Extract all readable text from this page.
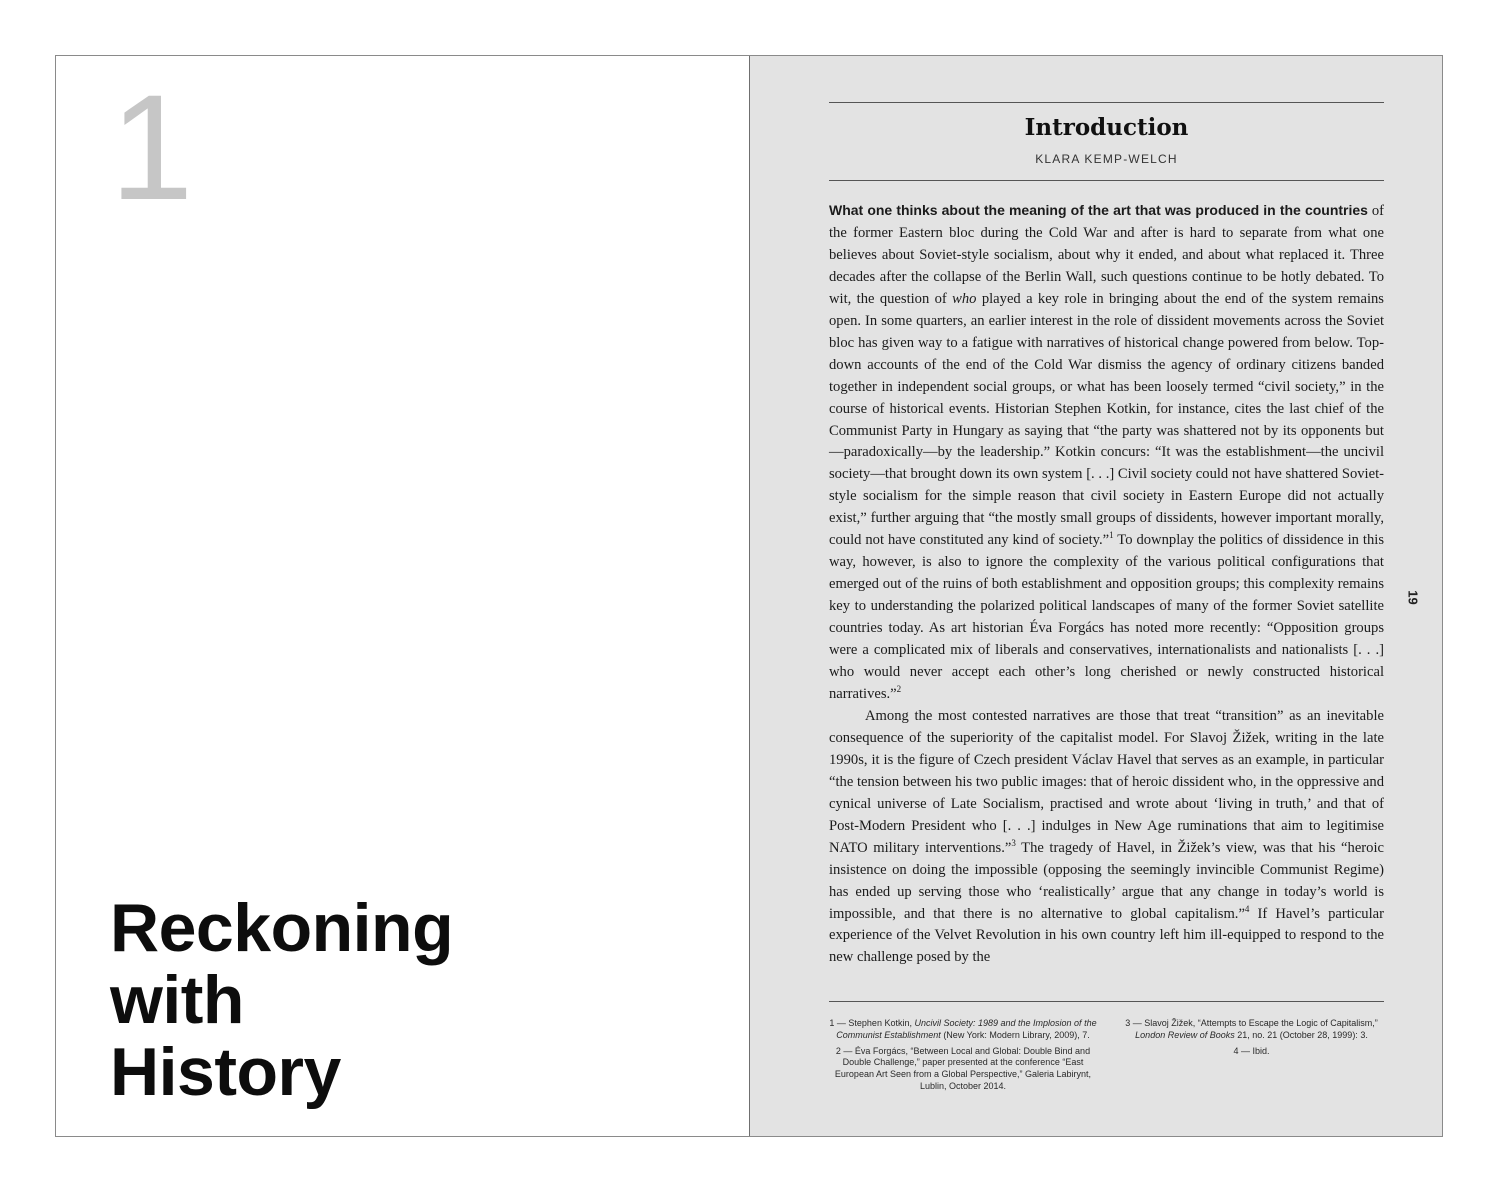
1
Reckoning
with
History
Introduction
KLARA KEMP-WELCH

What one thinks about the meaning of the art that was produced in the countries of the former Eastern bloc during the Cold War and after is hard to separate from what one believes about Soviet-style socialism, about why it ended, and about what replaced it. Three decades after the collapse of the Berlin Wall, such questions continue to be hotly debated. To wit, the question of who played a key role in bringing about the end of the system remains open. In some quarters, an earlier interest in the role of dissident movements across the Soviet bloc has given way to a fatigue with narratives of historical change powered from below. Top-down accounts of the end of the Cold War dismiss the agency of ordinary citizens banded together in independent social groups, or what has been loosely termed “civil society,” in the course of historical events. Historian Stephen Kotkin, for instance, cites the last chief of the Communist Party in Hungary as saying that “the party was shattered not by its opponents but—paradoxically—by the leadership.” Kotkin concurs: “It was the establishment—the uncivil society—that brought down its own system [. . .] Civil society could not have shattered Soviet-style socialism for the simple reason that civil society in Eastern Europe did not actually exist,” further arguing that “the mostly small groups of dissidents, however important morally, could not have constituted any kind of society.”$^1$ To downplay the politics of dissidence in this way, however, is also to ignore the complexity of the various political configurations that emerged out of the ruins of both establishment and opposition groups; this complexity remains key to understanding the polarized political landscapes of many of the former Soviet satellite countries today. As art historian Éva Forgács has noted more recently: “Opposition groups were a complicated mix of liberals and conservatives, internationalists and nationalists [. . .] who would never accept each other’s long cherished or newly constructed historical narratives.”$^2$

Among the most contested narratives are those that treat “transition” as an inevitable consequence of the superiority of the capitalist model. For Slavoj Žižek, writing in the late 1990s, it is the figure of Czech president Václav Havel that serves as an example, in particular “the tension between his two public images: that of heroic dissident who, in the oppressive and cynical universe of Late Socialism, practised and wrote about ‘living in truth,’ and that of Post-Modern President who [. . .] indulges in New Age ruminations that aim to legitimise NATO military interventions.”$^3$ The tragedy of Havel, in Žižek’s view, was that his “heroic insistence on doing the impossible (opposing the seemingly invincible Communist Regime) has ended up serving those who ‘realistically’ argue that any change in today’s world is impossible, and that there is no alternative to global capitalism.”$^4$ If Havel’s particular experience of the Velvet Revolution in his own country left him ill-equipped to respond to the new challenge posed by the

19

1 — Stephen Kotkin, Uncivil Society: 1989 and the Implosion of the Communist Establishment (New York: Modern Library, 2009), 7.

2 — Éva Forgács, “Between Local and Global: Double Bind and Double Challenge,” paper presented at the conference “East European Art Seen from a Global Perspective,” Galeria Labirynt, Lublin, October 2014.

3 — Slavoj Žižek, “Attempts to Escape the Logic of Capitalism,” London Review of Books 21, no. 21 (October 28, 1999): 3.

4 — Ibid.
